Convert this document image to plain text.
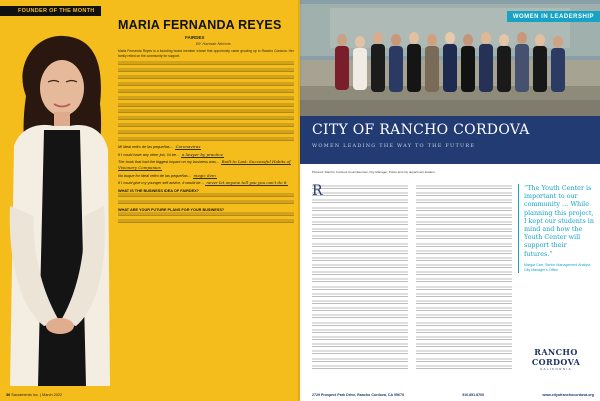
FOUNDER OF THE MONTH
MARIA FERNANDA REYES
FAIRDEX
BY Hannah Nichols
Maria Fernanda Reyes is a founding board member whose first opportunity came growing up in Rancho Cordova. Her family relied on the community for support.
Mi ideal retiro de las pequeñas… Coronavirus
If I could have any other job, I'd be… a lawyer by practice
The book that had the biggest impact on my business was… Built to Last: Successful Habits of Visionary Companies
No buque for ideal retiro de las pequeñas… magic dem
If I could give my younger self advice, it would be… never let anyone tell you you can't do it
WHAT IS THE BUSINESS IDEA OF FAIRDEX?
WHAT ARE YOUR FUTURE PLANS FOR YOUR BUSINESS?
30 Sacramento Inc. | March 2022
WOMEN IN LEADERSHIP
CITY OF RANCHO CORDOVA
WOMEN LEADING THE WAY TO THE FUTURE
Pictured: Rancho Cordova Councilwoman, City Manager, Police and city department leaders.
R	“The Youth Center is important to our community … While planning this project, I kept our students in mind and how the Youth Center will support their futures.”
Margot Carr, Senior Management Analyst, City Manager's Office
RANCHO CORDOVA
CALIFORNIA
2729 Prospect Park Drive, Rancho Cordova, CA 95670	916.851.8700	www.cityofranchocordova.org
